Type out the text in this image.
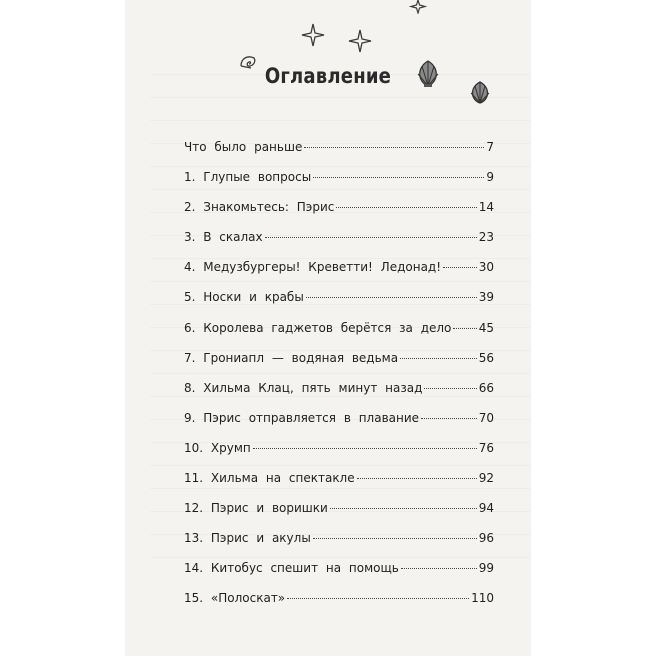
Оглавление
Что было раньше	7
1. Глупые вопросы	9
2. Знакомьтесь: Пэрис	14
3. В скалах	23
4. Медузбургеры! Креветти! Ледонад!	30
5. Носки и крабы	39
6. Королева гаджетов берётся за дело 45
7. Грониапл — водяная ведьма	56
8. Хильма Клац, пять минут назад	66
9. Пэрис отправляется в плавание	70
10. Хрумп	76
11. Хильма на спектакле	92
12. Пэрис и воришки	94
13. Пэрис и акулы	96
14. Китобус спешит на помощь	99
15. «Полоскат»	110
